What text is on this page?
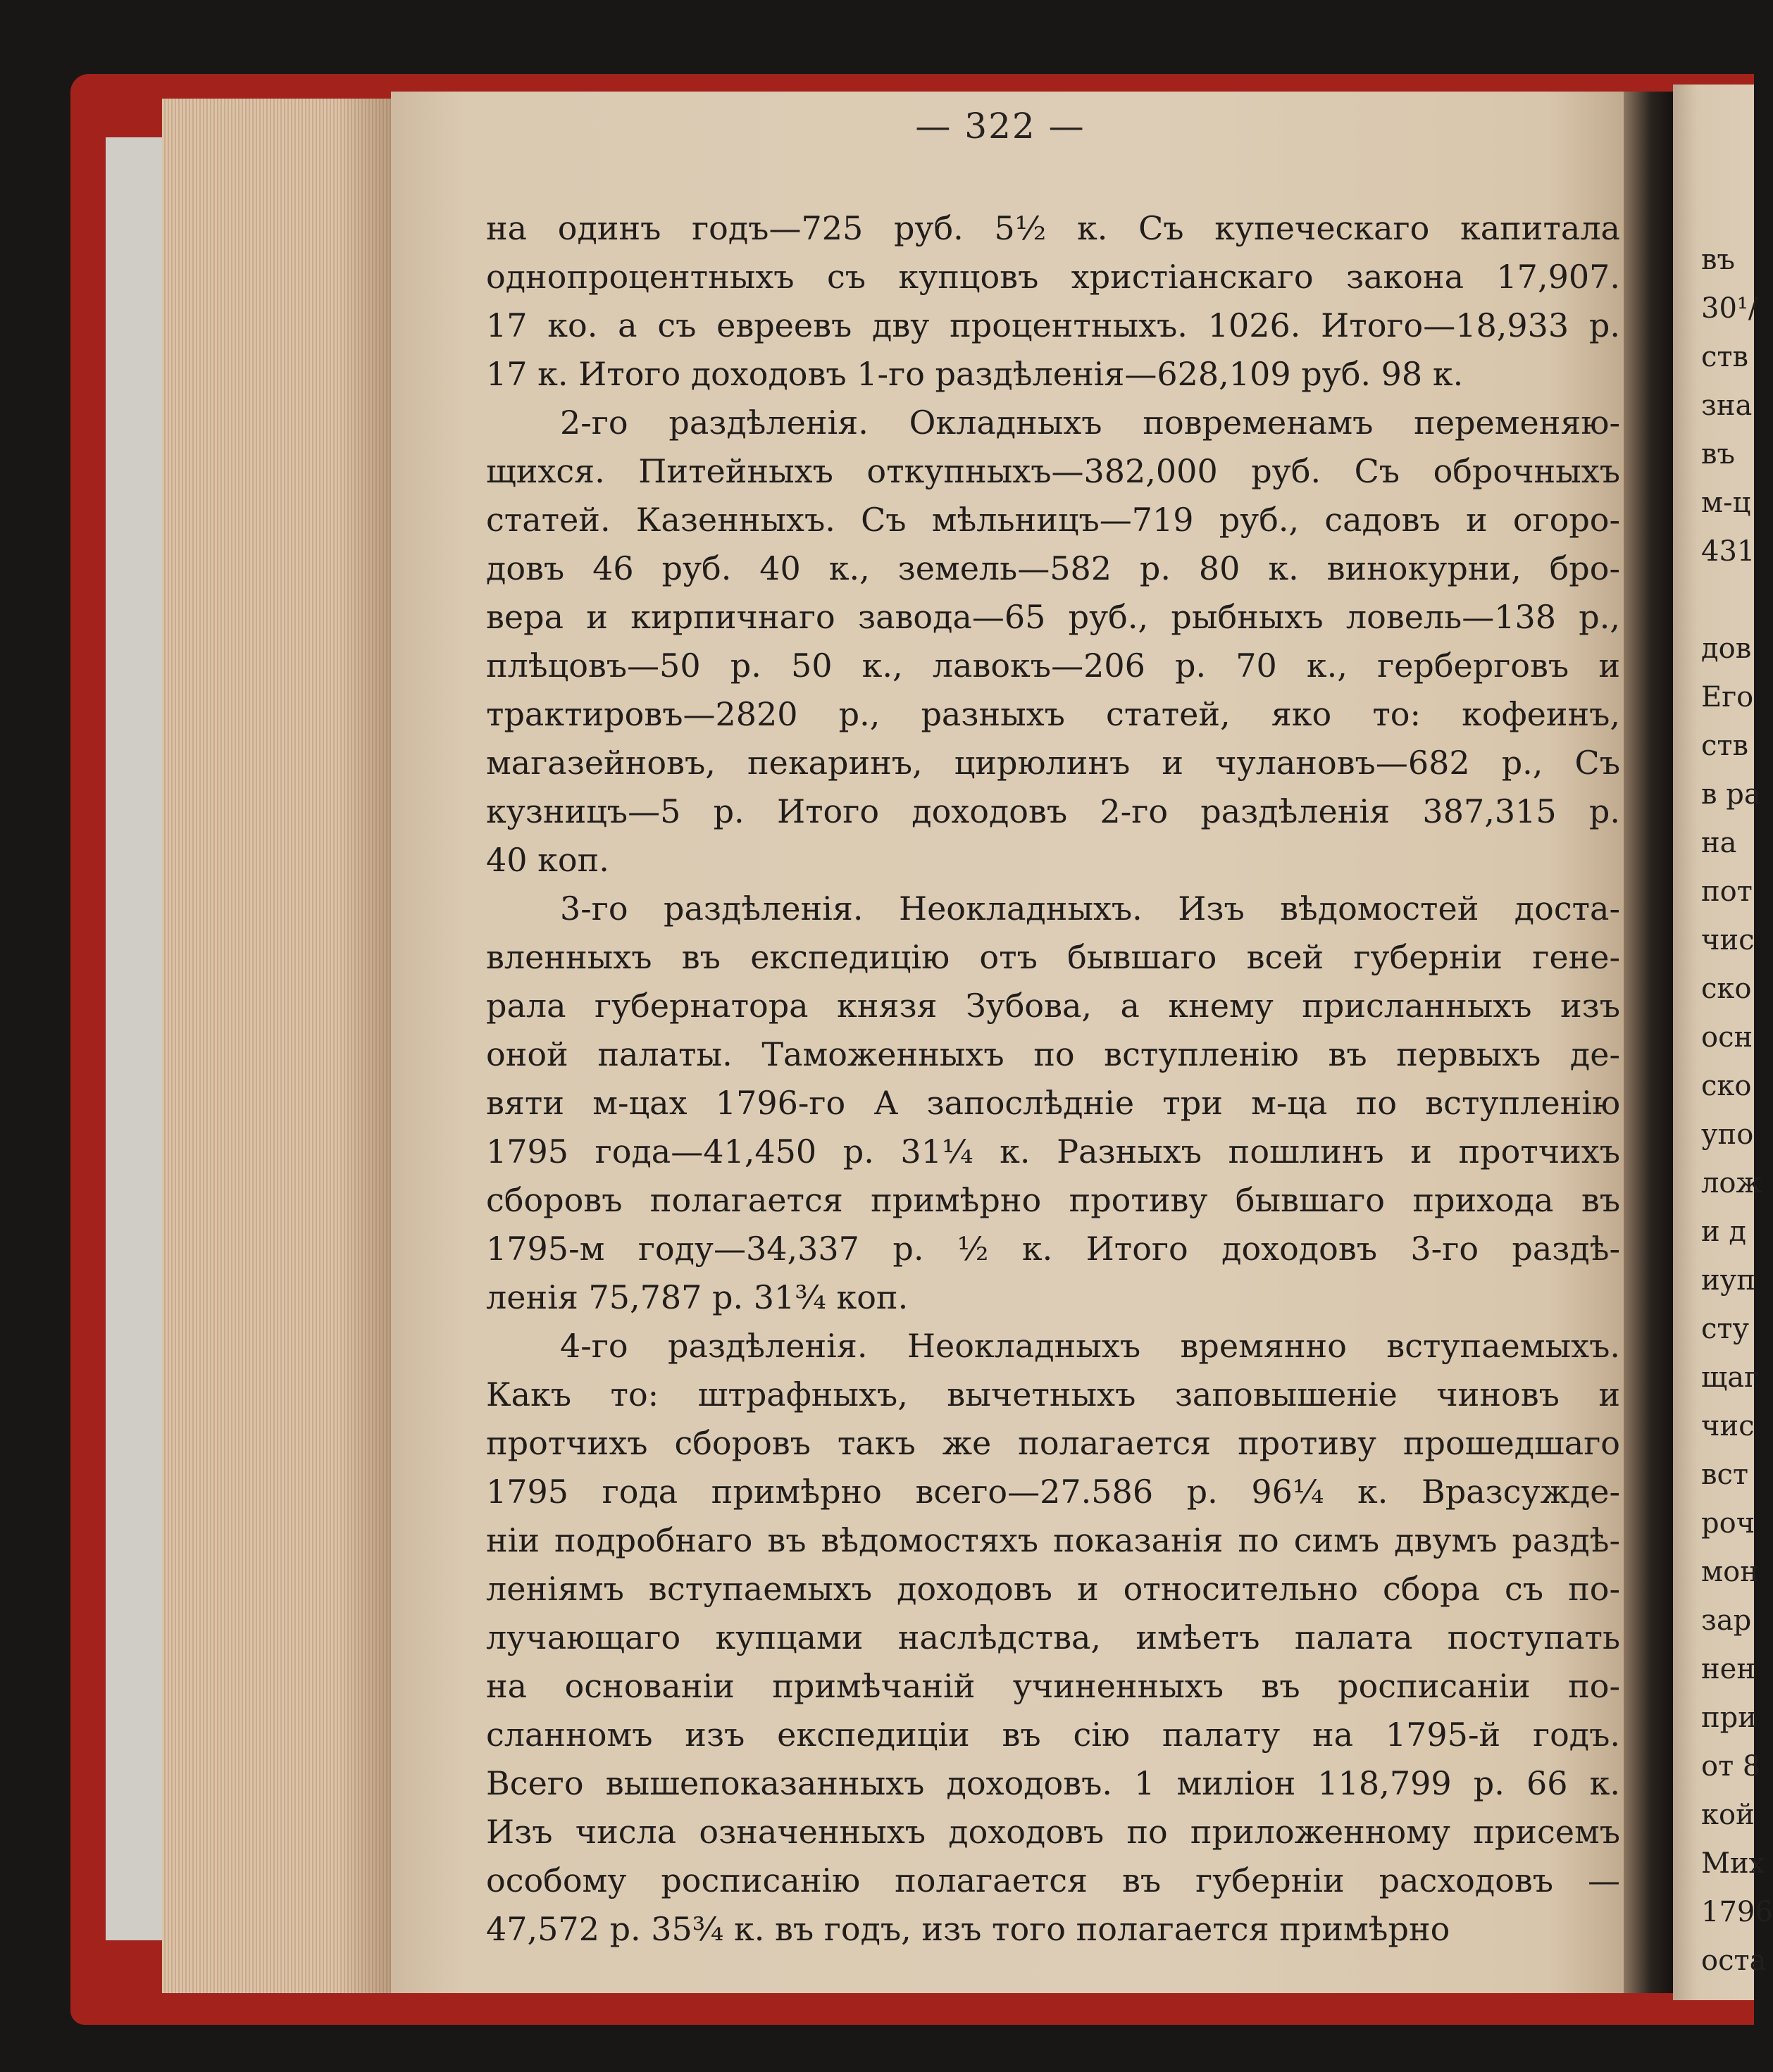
— 322 —
на одинъ годъ—725 руб. 5½ к. Съ купеческаго капитала
однопроцентныхъ съ купцовъ христіанскаго закона 17,907.
17 ко. а съ евреевъ дву процентныхъ. 1026. Итого—18,933 р.
17 к. Итого доходовъ 1-го раздѣленія—628,109 руб. 98 к.
2-го раздѣленія. Окладныхъ повременамъ переменяю-
щихся. Питейныхъ откупныхъ—382,000 руб. Съ оброчныхъ
статей. Казенныхъ. Съ мѣльницъ—719 руб., садовъ и огоро-
довъ 46 руб. 40 к., земель—582 р. 80 к. винокурни, бро-
вера и кирпичнаго завода—65 руб., рыбныхъ ловель—138 р.,
плѣцовъ—50 р. 50 к., лавокъ—206 р. 70 к., герберговъ и
трактировъ—2820 р., разныхъ статей, яко то: кофеинъ,
магазейновъ, пекаринъ, цирюлинъ и чулановъ—682 р., Съ
кузницъ—5 р. Итого доходовъ 2-го раздѣленія 387,315 р.
40 коп.
3-го раздѣленія. Неокладныхъ. Изъ вѣдомостей доста-
вленныхъ въ експедицію отъ бывшаго всей губерніи гене-
рала губернатора князя Зубова, а кнему присланныхъ изъ
оной палаты. Таможенныхъ по вступленію въ первыхъ де-
вяти м-цах 1796-го А запослѣдніе три м-ца по вступленію
1795 года—41,450 р. 31¼ к. Разныхъ пошлинъ и протчихъ
сборовъ полагается примѣрно противу бывшаго прихода въ
1795-м году—34,337 р. ½ к. Итого доходовъ 3-го раздѣ-
ленія 75,787 р. 31¾ коп.
4-го раздѣленія. Неокладныхъ времянно вступаемыхъ.
Какъ то: штрафныхъ, вычетныхъ заповышеніе чиновъ и
протчихъ сборовъ такъ же полагается противу прошедшаго
1795 года примѣрно всего—27.586 р. 96¼ к. Вразсужде-
ніи подробнаго въ вѣдомостяхъ показанія по симъ двумъ раздѣ-
леніямъ вступаемыхъ доходовъ и относительно сбора съ по-
лучающаго купцами наслѣдства, имѣетъ палата поступать
на основаніи примѣчаній учиненныхъ въ росписаніи по-
сланномъ изъ експедиціи въ сію палату на 1795-й годъ.
Всего вышепоказанныхъ доходовъ. 1 миліон 118,799 р. 66 к.
Изъ числа означенныхъ доходовъ по приложенному присемъ
особому росписанію полагается въ губерніи расходовъ —
47,572 р. 35¾ к. въ годъ, изъ того полагается примѣрно
въ
30¹/
ств
зна
въ
м-ц
431
дов
Его
ств
в ра
на
пот
чис
ско
осн
ско
упо
лож
и д
иуп
сту
щаг
чис
вст
роч
мон
зар
нен
при
от 8
кой
Мих
1796
оста
